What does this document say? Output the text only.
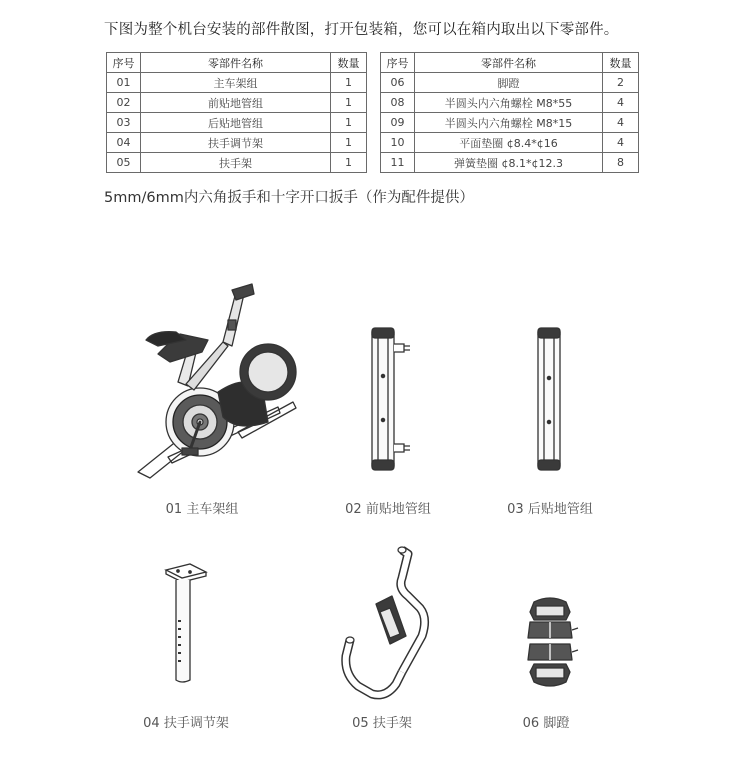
下图为整个机台安装的部件散图，打开包装箱，您可以在箱内取出以下零部件。
序号	零部件名称	数量
01	主车架组	1
02	前贴地管组	1
03	后贴地管组	1
04	扶手调节架	1
05	扶手架	1
序号	零部件名称	数量
06	脚蹬	2
08	半圆头内六角螺栓 M8*55	4
09	半圆头内六角螺栓 M8*15	4
10	平面垫圈 ¢8.4*¢16	4
11	弹簧垫圈 ¢8.1*¢12.3	8
5mm/6mm内六角扳手和十字开口扳手（作为配件提供）
01 主车架组	02 前贴地管组	03 后贴地管组
04 扶手调节架	05 扶手架	06 脚蹬
